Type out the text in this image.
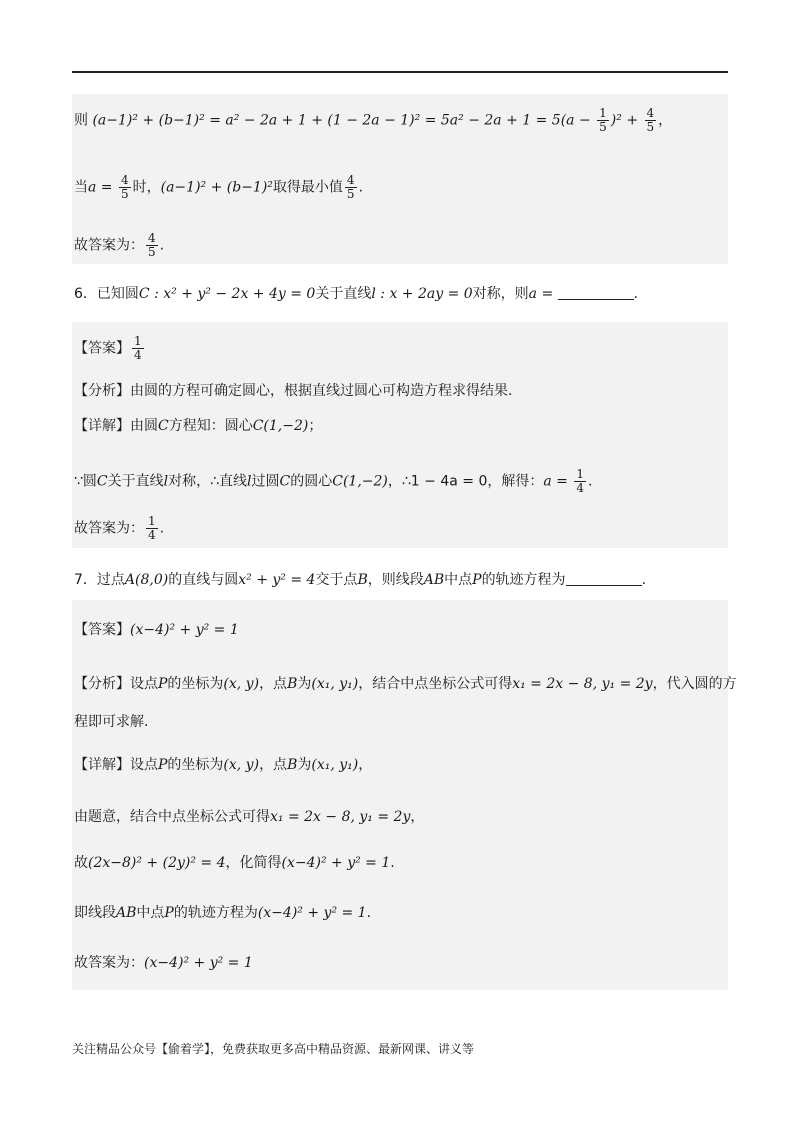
则 $(a-1)^2 + (b-1)^2 = a^2 - 2a + 1 + (1 - 2a - 1)^2 = 5a^2 - 2a + 1 = 5(a - \frac{1}{5} )^2 + \frac{4}{5}$ ，
当$a = \frac{4}{5}$ 时，(a−1)² + (b−1)²取得最小值 $\frac{4}{5}$ .
故答案为： $\frac{4}{5}$ .
6．已知圆C : x² + y² − 2x + 4y = 0关于直线l : x + 2ay = 0对称，则a =	.
【答案】 $\frac{1}{4}$
【分析】由圆的方程可确定圆心，根据直线过圆心可构造方程求得结果.
【详解】由圆C方程知：圆心C(1,−2)；
∵圆C关于直线l对称，∴直线l过圆C的圆心C(1,−2)，∴1 − 4a = 0，解得：$a = \frac{1}{4}$ .
故答案为： $\frac{1}{4}$ .
7．过点A(8,0)的直线与圆x² + y² = 4交于点B，则线段AB中点P的轨迹方程为	.
【答案】(x−4)² + y² = 1
【分析】设点P的坐标为(x, y)，点B为(x₁, y₁)，结合中点坐标公式可得x₁ = 2x − 8, y₁ = 2y，代入圆的方
程即可求解.
【详解】设点P的坐标为(x, y)，点B为(x₁, y₁)，
由题意，结合中点坐标公式可得x₁ = 2x − 8, y₁ = 2y，
故(2x−8)² + (2y)² = 4，化简得(x−4)² + y² = 1.
即线段AB中点P的轨迹方程为(x−4)² + y² = 1.
故答案为：(x−4)² + y² = 1
关注精品公众号【偷着学】，免费获取更多高中精品资源、最新网课、讲义等
